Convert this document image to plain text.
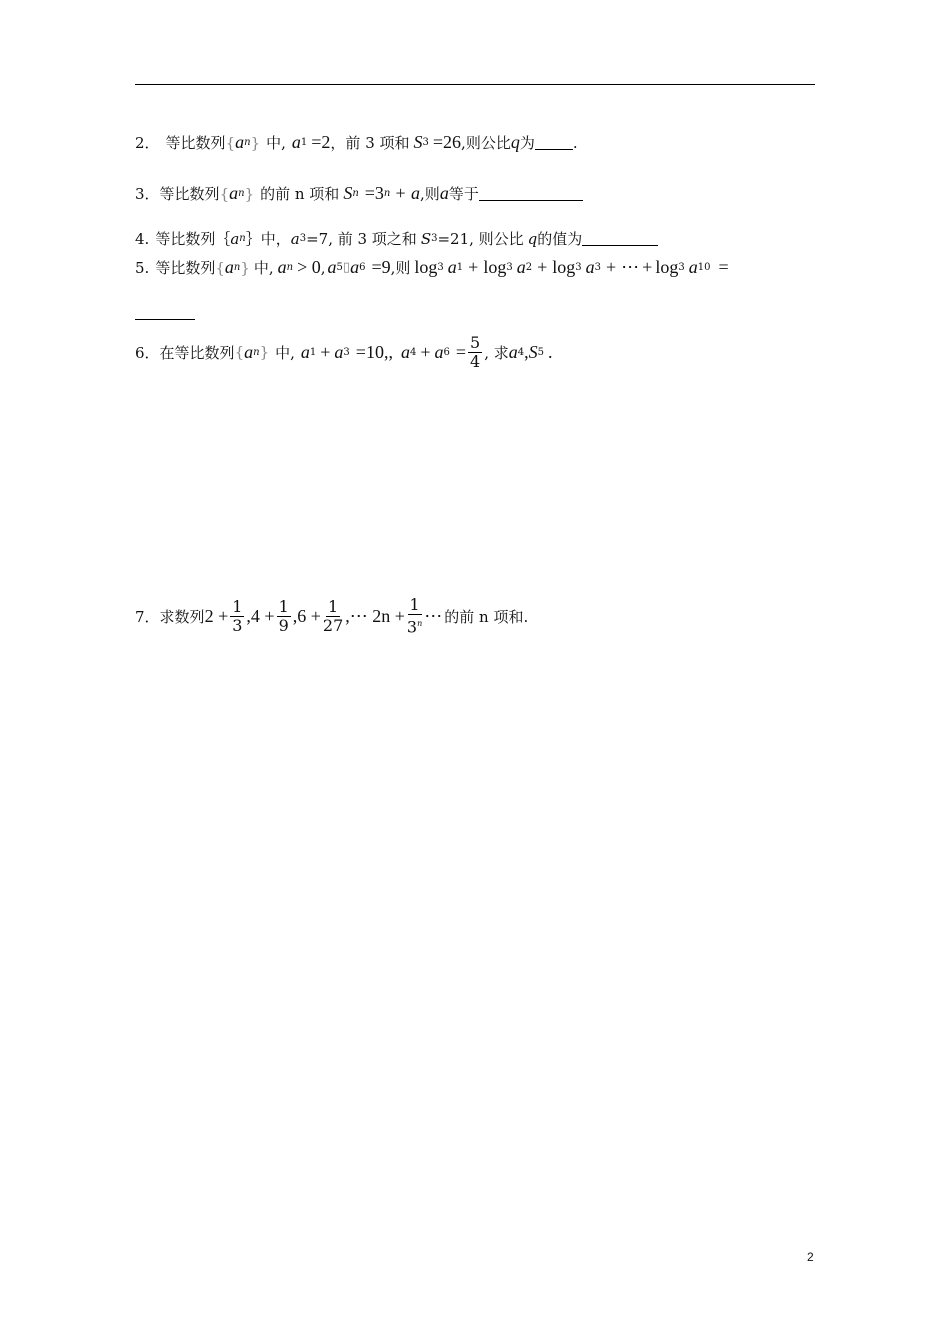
2． 等比数列 { a n } 中, a 1 =2 ，前 3 项和 S 3 =26 ,则公比 q 为	.
3． 等比数列 { a n } 的前 n 项和 S n =3 n + a ,则 a 等于
4. 等比数列｛ a n ｝中， a 3 =7, 前 3 项之和 S 3 =21, 则公比 q 的值为
5. 等比数列 { a n } 中, a n > 0 , a 5 ▯ a 6 =9 ,则 log 3 a 1 + log 3 a 2 + log 3 a 3 + ⋯ + log 3 a 10 =
6． 在等比数列 { a n } 中, a 1 + a 3 =10, , a 4 + a $6 = \frac{5}{4}$ , 求 a 4 , S 5 .
7． 求数列 $2 + \frac{1}{3} ,4 + \frac{1}{9} ,6 + \frac{1}{27}$ ,⋯ $2n + \frac{1}{3^n}$ ⋯ 的前 n 项和.
2
